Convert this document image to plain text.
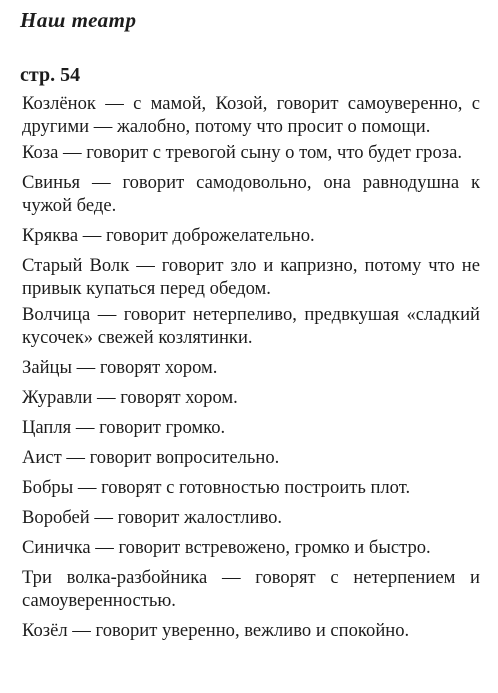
Наш театр
стр. 54

Козлёнок — с мамой, Козой, говорит самоуверенно, с другими — жалобно, потому что просит о помощи.

Коза — говорит с тревогой сыну о том, что будет гроза.

Свинья — говорит самодовольно, она равнодушна к чужой беде.

Кряква — говорит доброжелательно.

Старый Волк — говорит зло и капризно, потому что не привык купаться перед обедом.

Волчица — говорит нетерпеливо, предвкушая «сладкий кусочек» свежей козлятинки.

Зайцы — говорят хором.

Журавли — говорят хором.

Цапля — говорит громко.

Аист — говорит вопросительно.

Бобры — говорят с готовностью построить плот.

Воробей — говорит жалостливо.

Синичка — говорит встревожено, громко и быстро.

Три волка-разбойника — говорят с нетерпением и самоуверенностью.

Козёл — говорит уверенно, вежливо и спокойно.
